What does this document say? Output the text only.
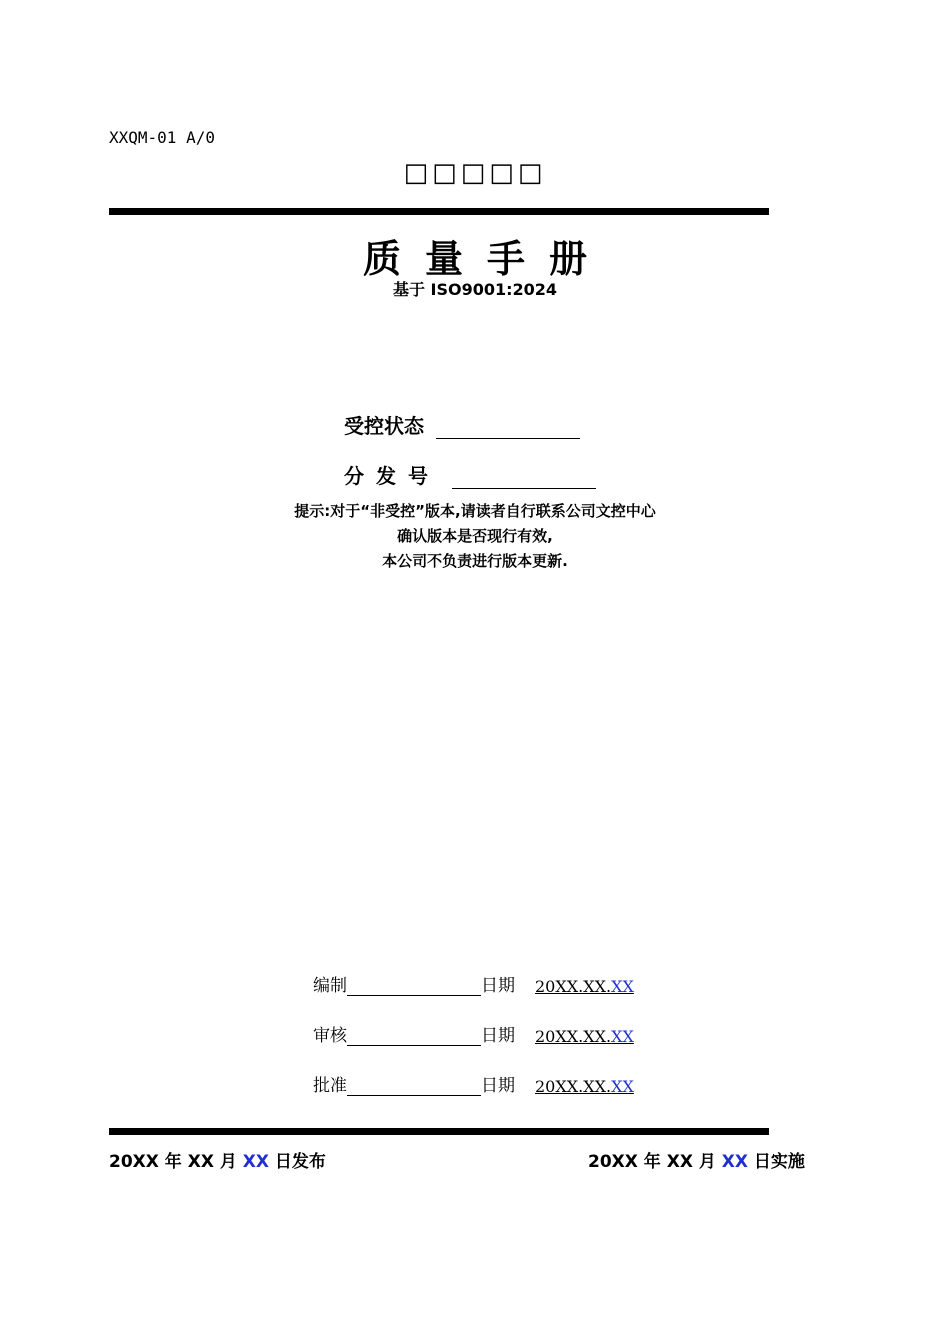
XXQM-01 A/0
□□□□□
质量手册
基于 ISO9001:2024
受控状态
分发号
提示:对于“非受控”版本,请读者自行联系公司文控中心
确认版本是否现行有效,
本公司不负责进行版本更新.
编制	日期 20XX.XX.XX
审核	日期 20XX.XX.XX
批准	日期 20XX.XX.XX
20XX 年 XX 月 XX 日发布	20XX 年 XX 月 XX 日实施
